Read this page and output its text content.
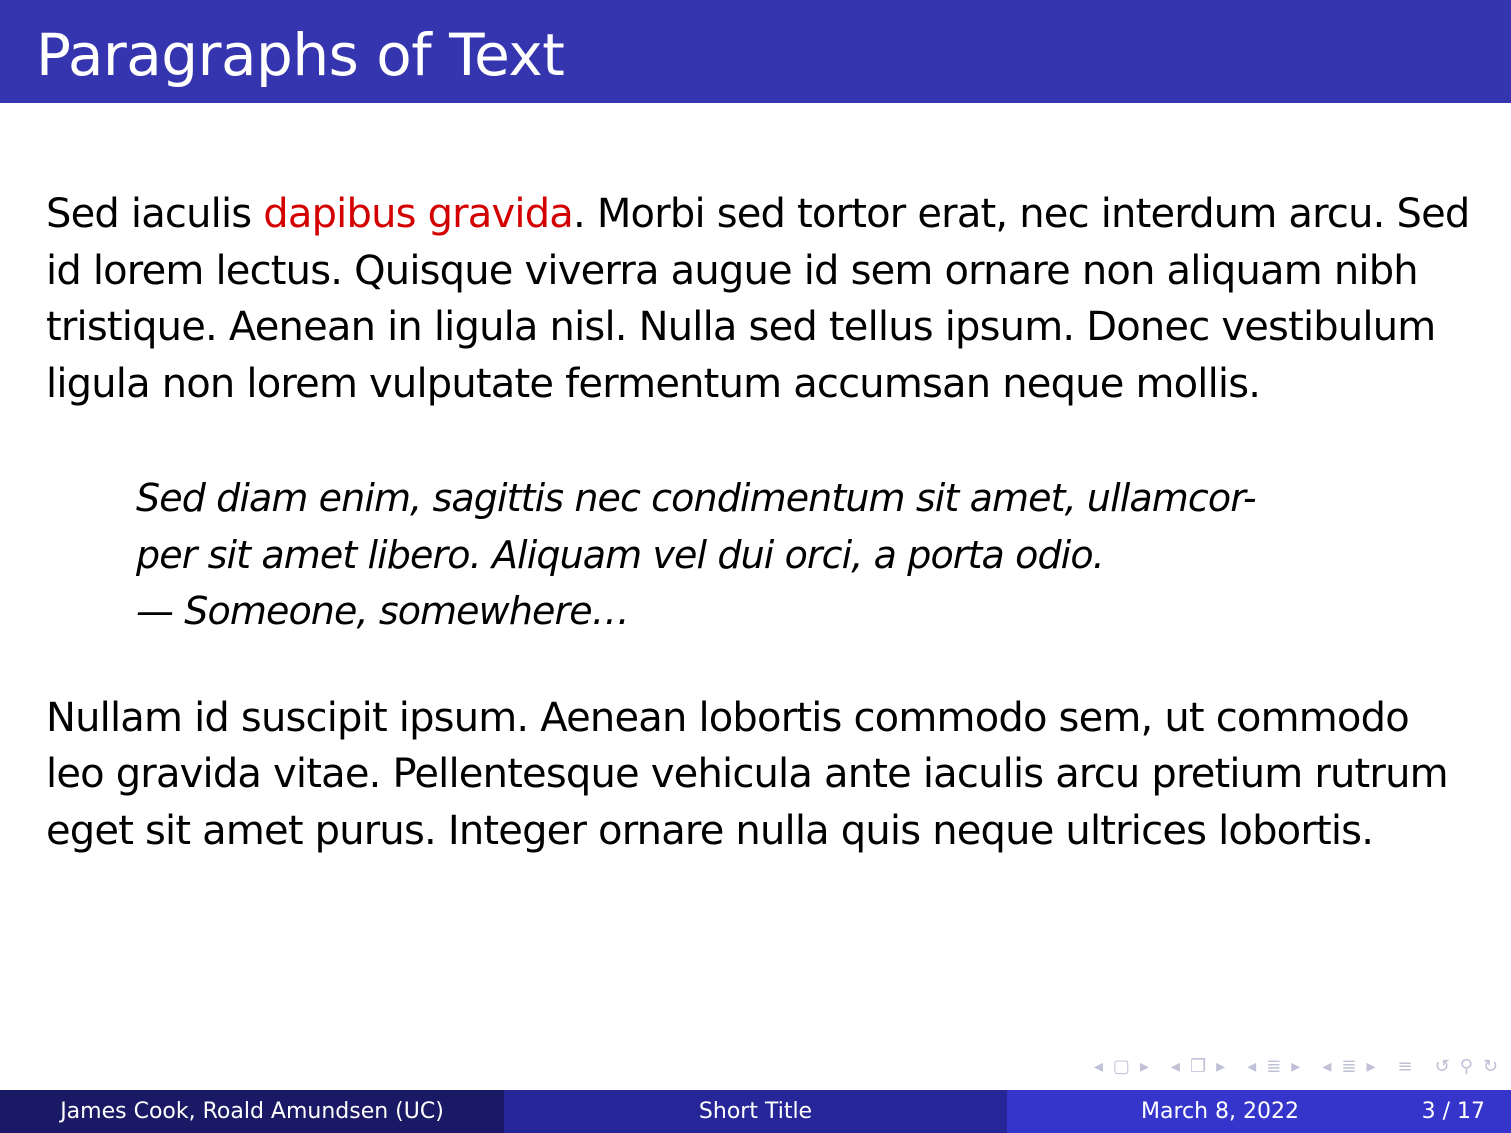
Paragraphs of Text

Sed iaculis dapibus gravida. Morbi sed tortor erat, nec interdum arcu. Sed id lorem lectus. Quisque viverra augue id sem ornare non aliquam nibh tristique. Aenean in ligula nisl. Nulla sed tellus ipsum. Donec vestibulum ligula non lorem vulputate fermentum accumsan neque mollis.

Sed diam enim, sagittis nec condimentum sit amet, ullamcor-
per sit amet libero. Aliquam vel dui orci, a porta odio.
— Someone, somewhere…

Nullam id suscipit ipsum. Aenean lobortis commodo sem, ut commodo leo gravida vitae. Pellentesque vehicula ante iaculis arcu pretium rutrum eget sit amet purus. Integer ornare nulla quis neque ultrices lobortis.

◂ ▢ ▸ ◂ ❐ ▸ ◂ ≣ ▸ ◂ ≣ ▸ ≡ ↺ ⚲ ↻
James Cook, Roald Amundsen (UC)	Short Title	March 8, 2022	3 / 17
